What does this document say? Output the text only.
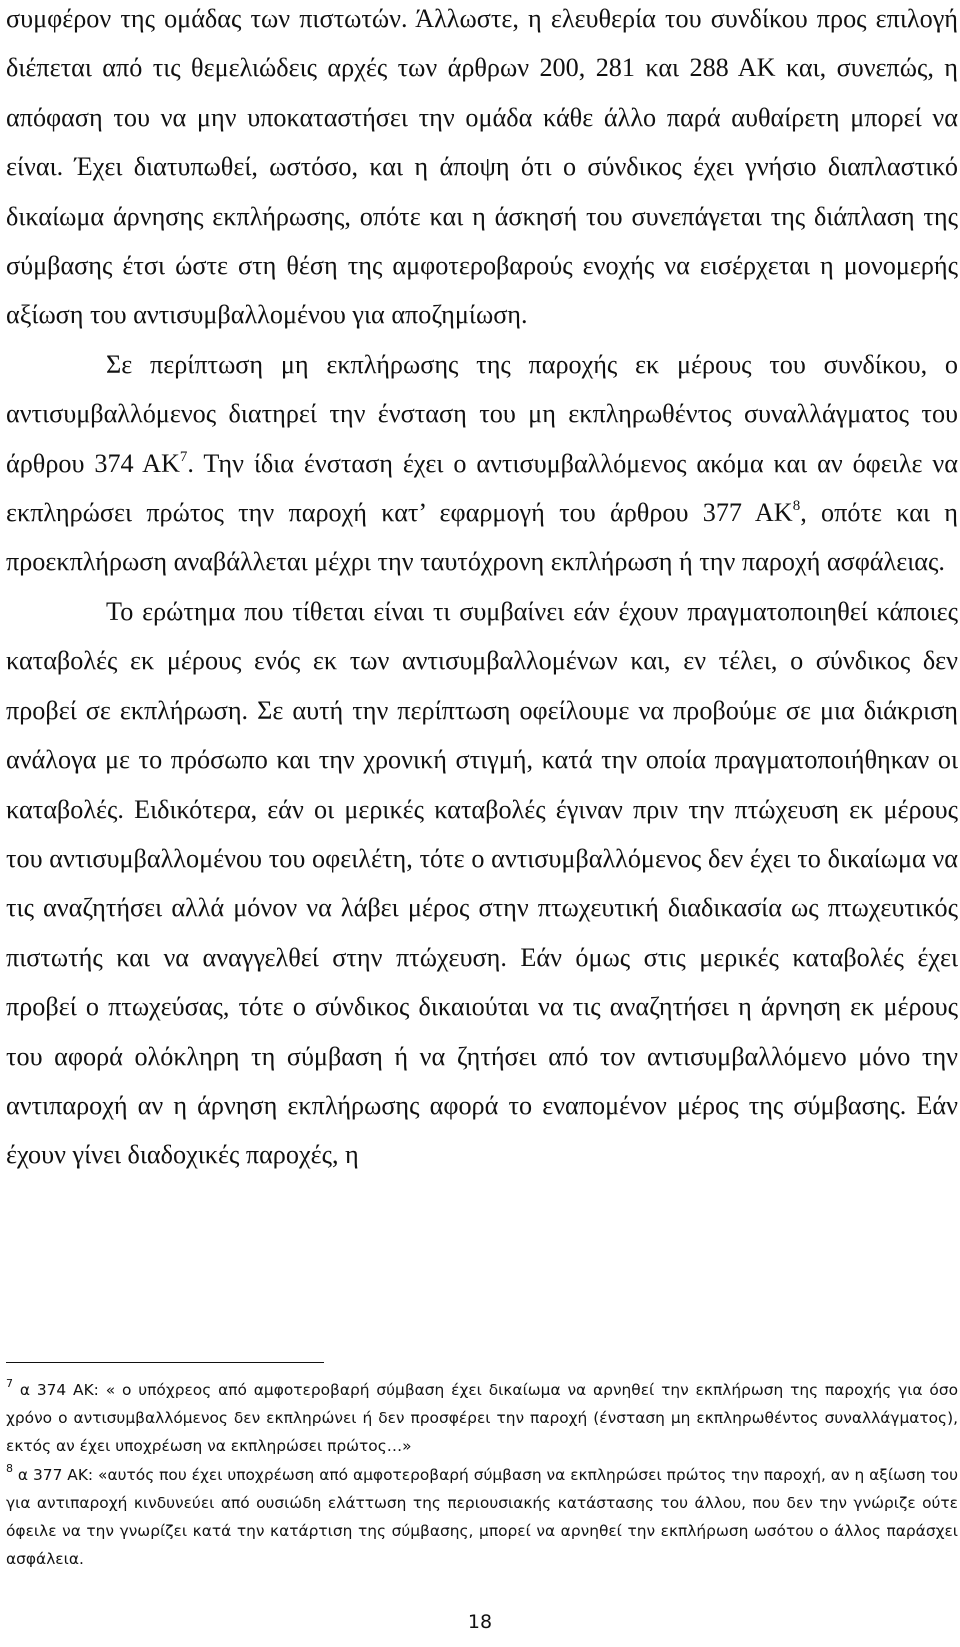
συμφέρον της ομάδας των πιστωτών. Άλλωστε, η ελευθερία του συνδίκου προς επιλογή διέπεται από τις θεμελιώδεις αρχές των άρθρων 200, 281 και 288 ΑΚ και, συνεπώς, η απόφαση του να μην υποκαταστήσει την ομάδα κάθε άλλο παρά αυθαίρετη μπορεί να είναι. Έχει διατυπωθεί, ωστόσο, και η άποψη ότι ο σύνδικος έχει γνήσιο διαπλαστικό δικαίωμα άρνησης εκπλήρωσης, οπότε και η άσκησή του συνεπάγεται της διάπλαση της σύμβασης έτσι ώστε στη θέση της αμφοτεροβαρούς ενοχής να εισέρχεται η μονομερής αξίωση του αντισυμβαλλομένου για αποζημίωση.

Σε περίπτωση μη εκπλήρωσης της παροχής εκ μέρους του συνδίκου, ο αντισυμβαλλόμενος διατηρεί την ένσταση του μη εκπληρωθέντος συναλλάγματος του άρθρου 374 $AK^7$. Την ίδια ένσταση έχει ο αντισυμβαλλόμενος ακόμα και αν όφειλε να εκπληρώσει πρώτος την παροχή κατ’ εφαρμογή του άρθρου 377 $AK^8$, οπότε και η προεκπλήρωση αναβάλλεται μέχρι την ταυτόχρονη εκπλήρωση ή την παροχή ασφάλειας.

Το ερώτημα που τίθεται είναι τι συμβαίνει εάν έχουν πραγματοποιηθεί κάποιες καταβολές εκ μέρους ενός εκ των αντισυμβαλλομένων και, εν τέλει, ο σύνδικος δεν προβεί σε εκπλήρωση. Σε αυτή την περίπτωση οφείλουμε να προβούμε σε μια διάκριση ανάλογα με το πρόσωπο και την χρονική στιγμή, κατά την οποία πραγματοποιήθηκαν οι καταβολές. Ειδικότερα, εάν οι μερικές καταβολές έγιναν πριν την πτώχευση εκ μέρους του αντισυμβαλλομένου του οφειλέτη, τότε ο αντισυμβαλλόμενος δεν έχει το δικαίωμα να τις αναζητήσει αλλά μόνον να λάβει μέρος στην πτωχευτική διαδικασία ως πτωχευτικός πιστωτής και να αναγγελθεί στην πτώχευση. Εάν όμως στις μερικές καταβολές έχει προβεί ο πτωχεύσας, τότε ο σύνδικος δικαιούται να τις αναζητήσει η άρνηση εκ μέρους του αφορά ολόκληρη τη σύμβαση ή να ζητήσει από τον αντισυμβαλλόμενο μόνο την αντιπαροχή αν η άρνηση εκπλήρωσης αφορά το εναπομένον μέρος της σύμβασης. Εάν έχουν γίνει διαδοχικές παροχές, η

$^7$ α 374 ΑΚ: « ο υπόχρεος από αμφοτεροβαρή σύμβαση έχει δικαίωμα να αρνηθεί την εκπλήρωση της παροχής για όσο χρόνο ο αντισυμβαλλόμενος δεν εκπληρώνει ή δεν προσφέρει την παροχή (ένσταση μη εκπληρωθέντος συναλλάγματος), εκτός αν έχει υποχρέωση να εκπληρώσει πρώτος…»

$^8$ α 377 ΑΚ: «αυτός που έχει υποχρέωση από αμφοτεροβαρή σύμβαση να εκπληρώσει πρώτος την παροχή, αν η αξίωση του για αντιπαροχή κινδυνεύει από ουσιώδη ελάττωση της περιουσιακής κατάστασης του άλλου, που δεν την γνώριζε ούτε όφειλε να την γνωρίζει κατά την κατάρτιση της σύμβασης, μπορεί να αρνηθεί την εκπλήρωση ωσότου ο άλλος παράσχει ασφάλεια.

18
